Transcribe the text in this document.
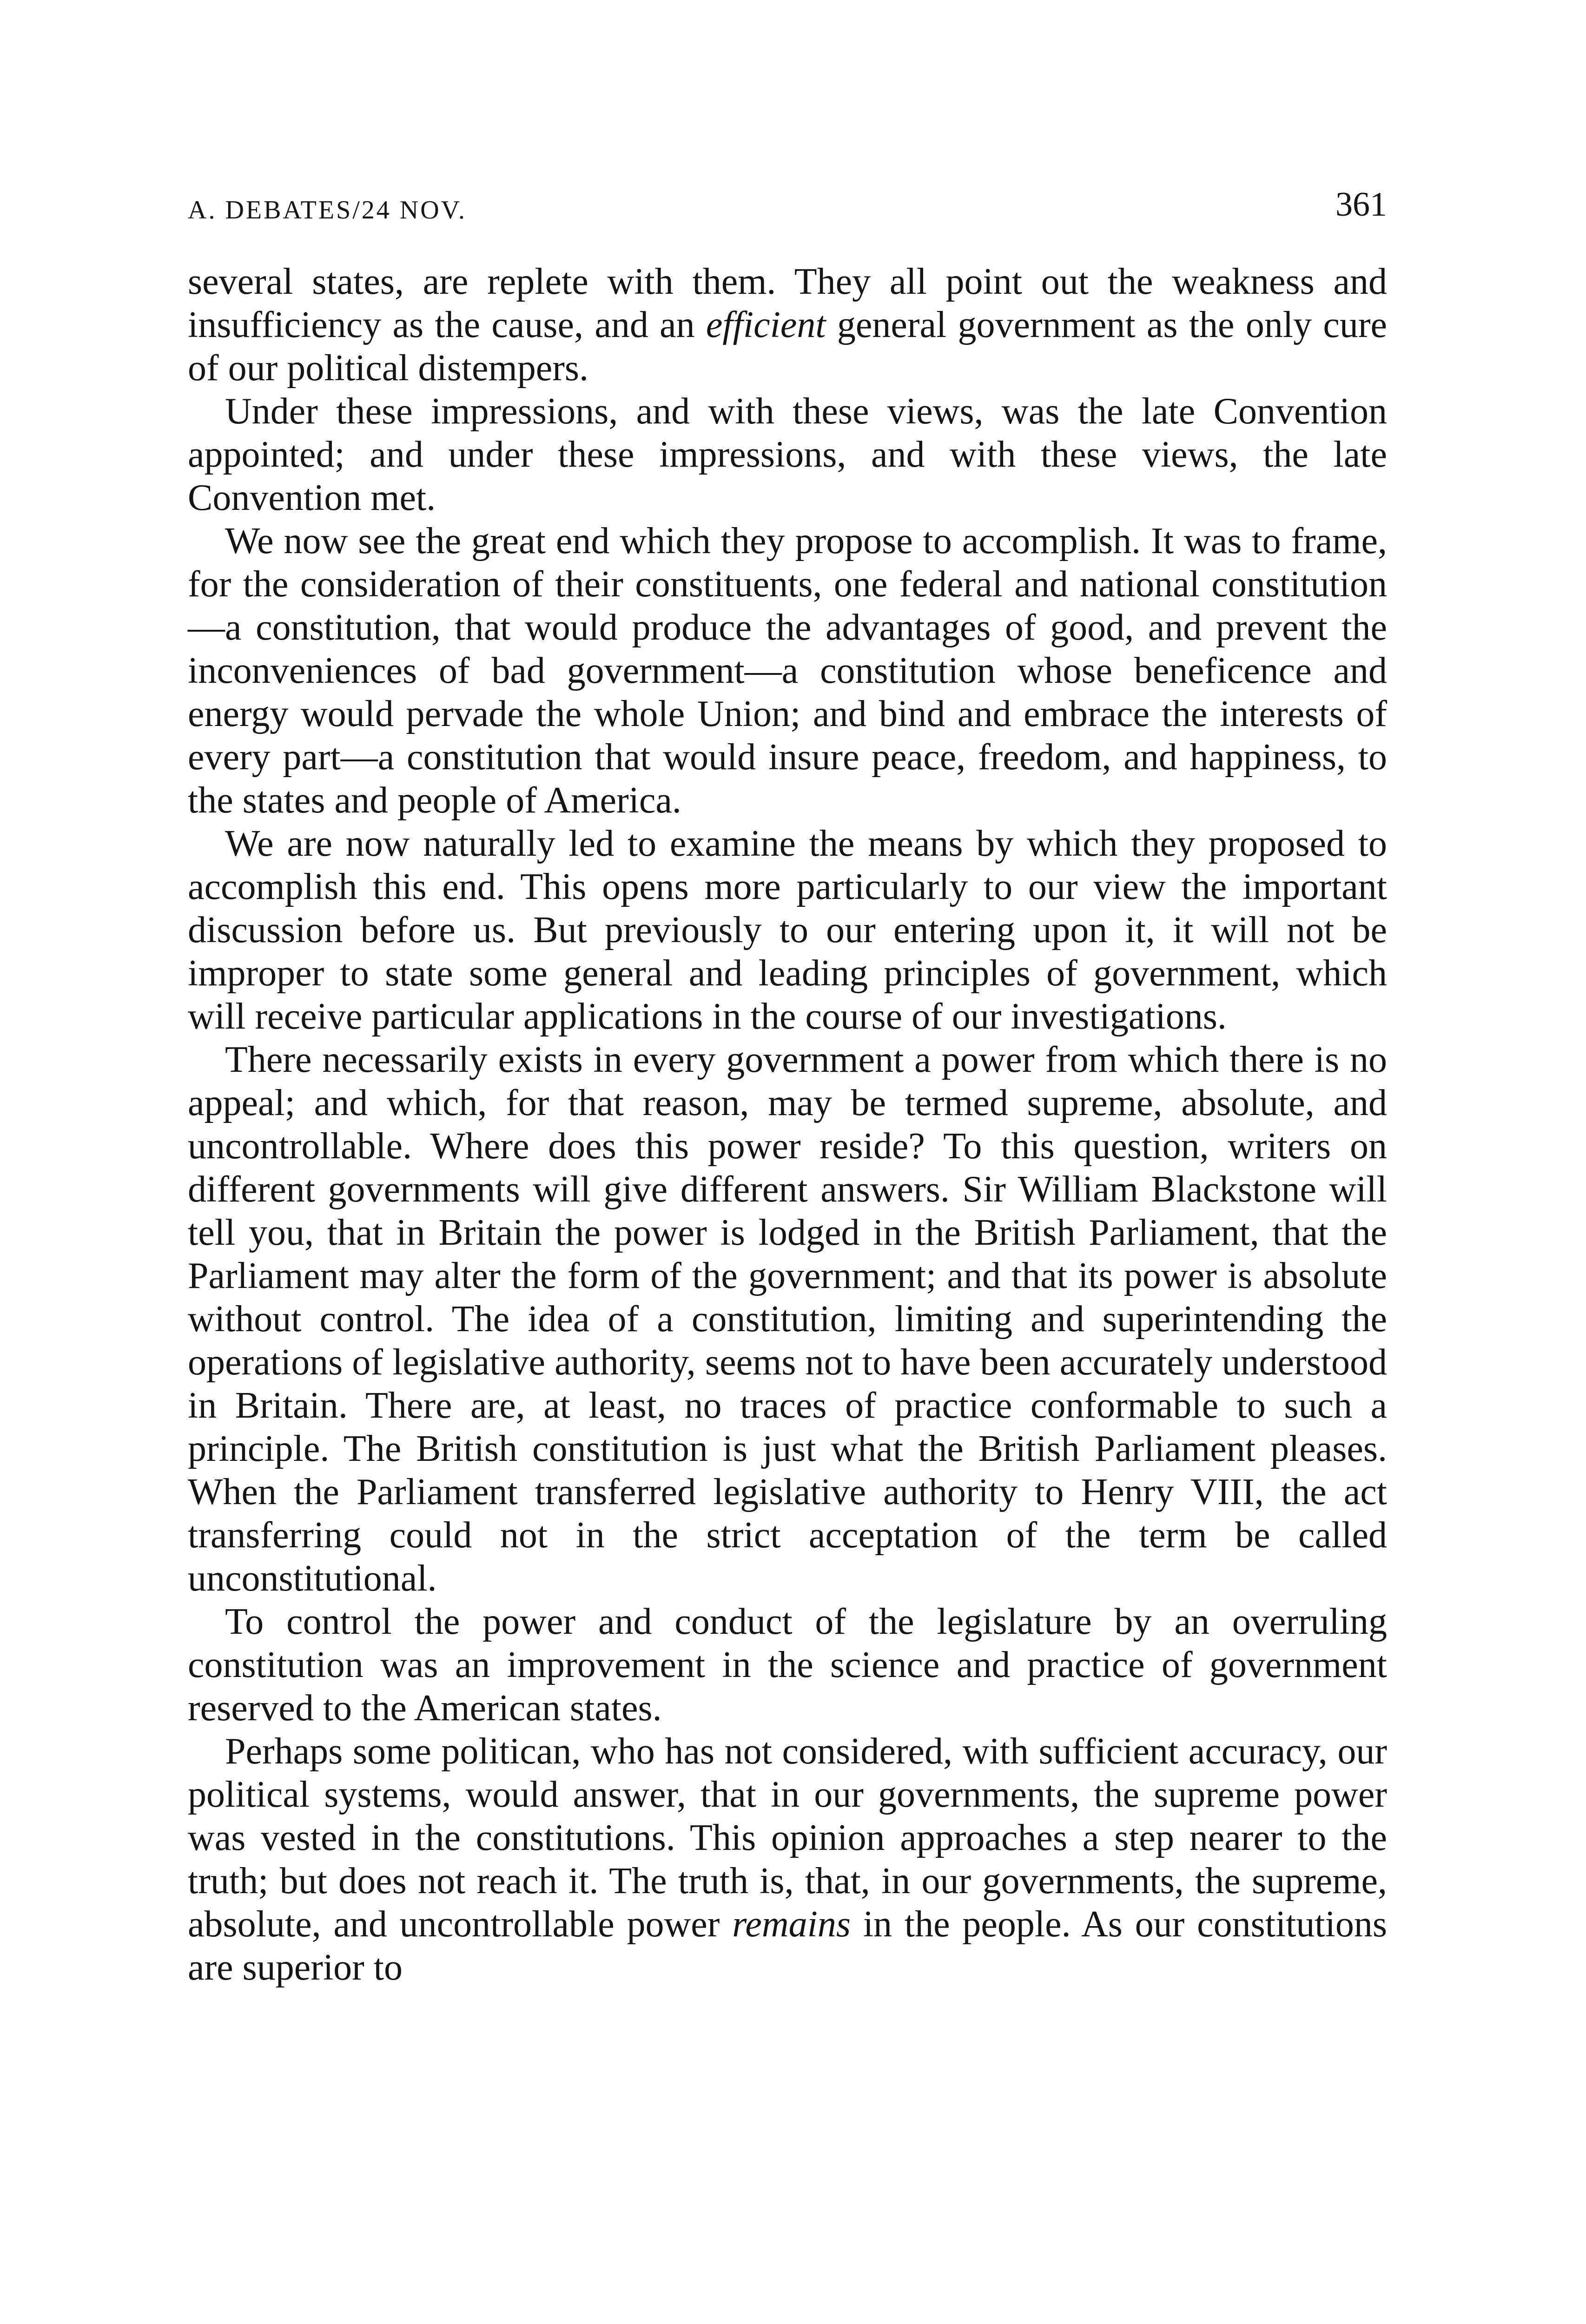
A. DEBATES/24 NOV.	361

several states, are replete with them. They all point out the weakness and insufficiency as the cause, and an efficient general government as the only cure of our political distempers.

Under these impressions, and with these views, was the late Convention appointed; and under these impressions, and with these views, the late Convention met.

We now see the great end which they propose to accomplish. It was to frame, for the consideration of their constituents, one federal and national constitution—a constitution, that would produce the advantages of good, and prevent the inconveniences of bad government—a constitution whose beneficence and energy would pervade the whole Union; and bind and embrace the interests of every part—a constitution that would insure peace, freedom, and happiness, to the states and people of America.

We are now naturally led to examine the means by which they proposed to accomplish this end. This opens more particularly to our view the important discussion before us. But previously to our entering upon it, it will not be improper to state some general and leading principles of government, which will receive particular applications in the course of our investigations.

There necessarily exists in every government a power from which there is no appeal; and which, for that reason, may be termed supreme, absolute, and uncontrollable. Where does this power reside? To this question, writers on different governments will give different answers. Sir William Blackstone will tell you, that in Britain the power is lodged in the British Parliament, that the Parliament may alter the form of the government; and that its power is absolute without control. The idea of a constitution, limiting and superintending the operations of legislative authority, seems not to have been accurately understood in Britain. There are, at least, no traces of practice conformable to such a principle. The British constitution is just what the British Parliament pleases. When the Parliament transferred legislative authority to Henry VIII, the act transferring could not in the strict acceptation of the term be called unconstitutional.

To control the power and conduct of the legislature by an overruling constitution was an improvement in the science and practice of government reserved to the American states.

Perhaps some politican, who has not considered, with sufficient accuracy, our political systems, would answer, that in our governments, the supreme power was vested in the constitutions. This opinion approaches a step nearer to the truth; but does not reach it. The truth is, that, in our governments, the supreme, absolute, and uncontrollable power remains in the people. As our constitutions are superior to
